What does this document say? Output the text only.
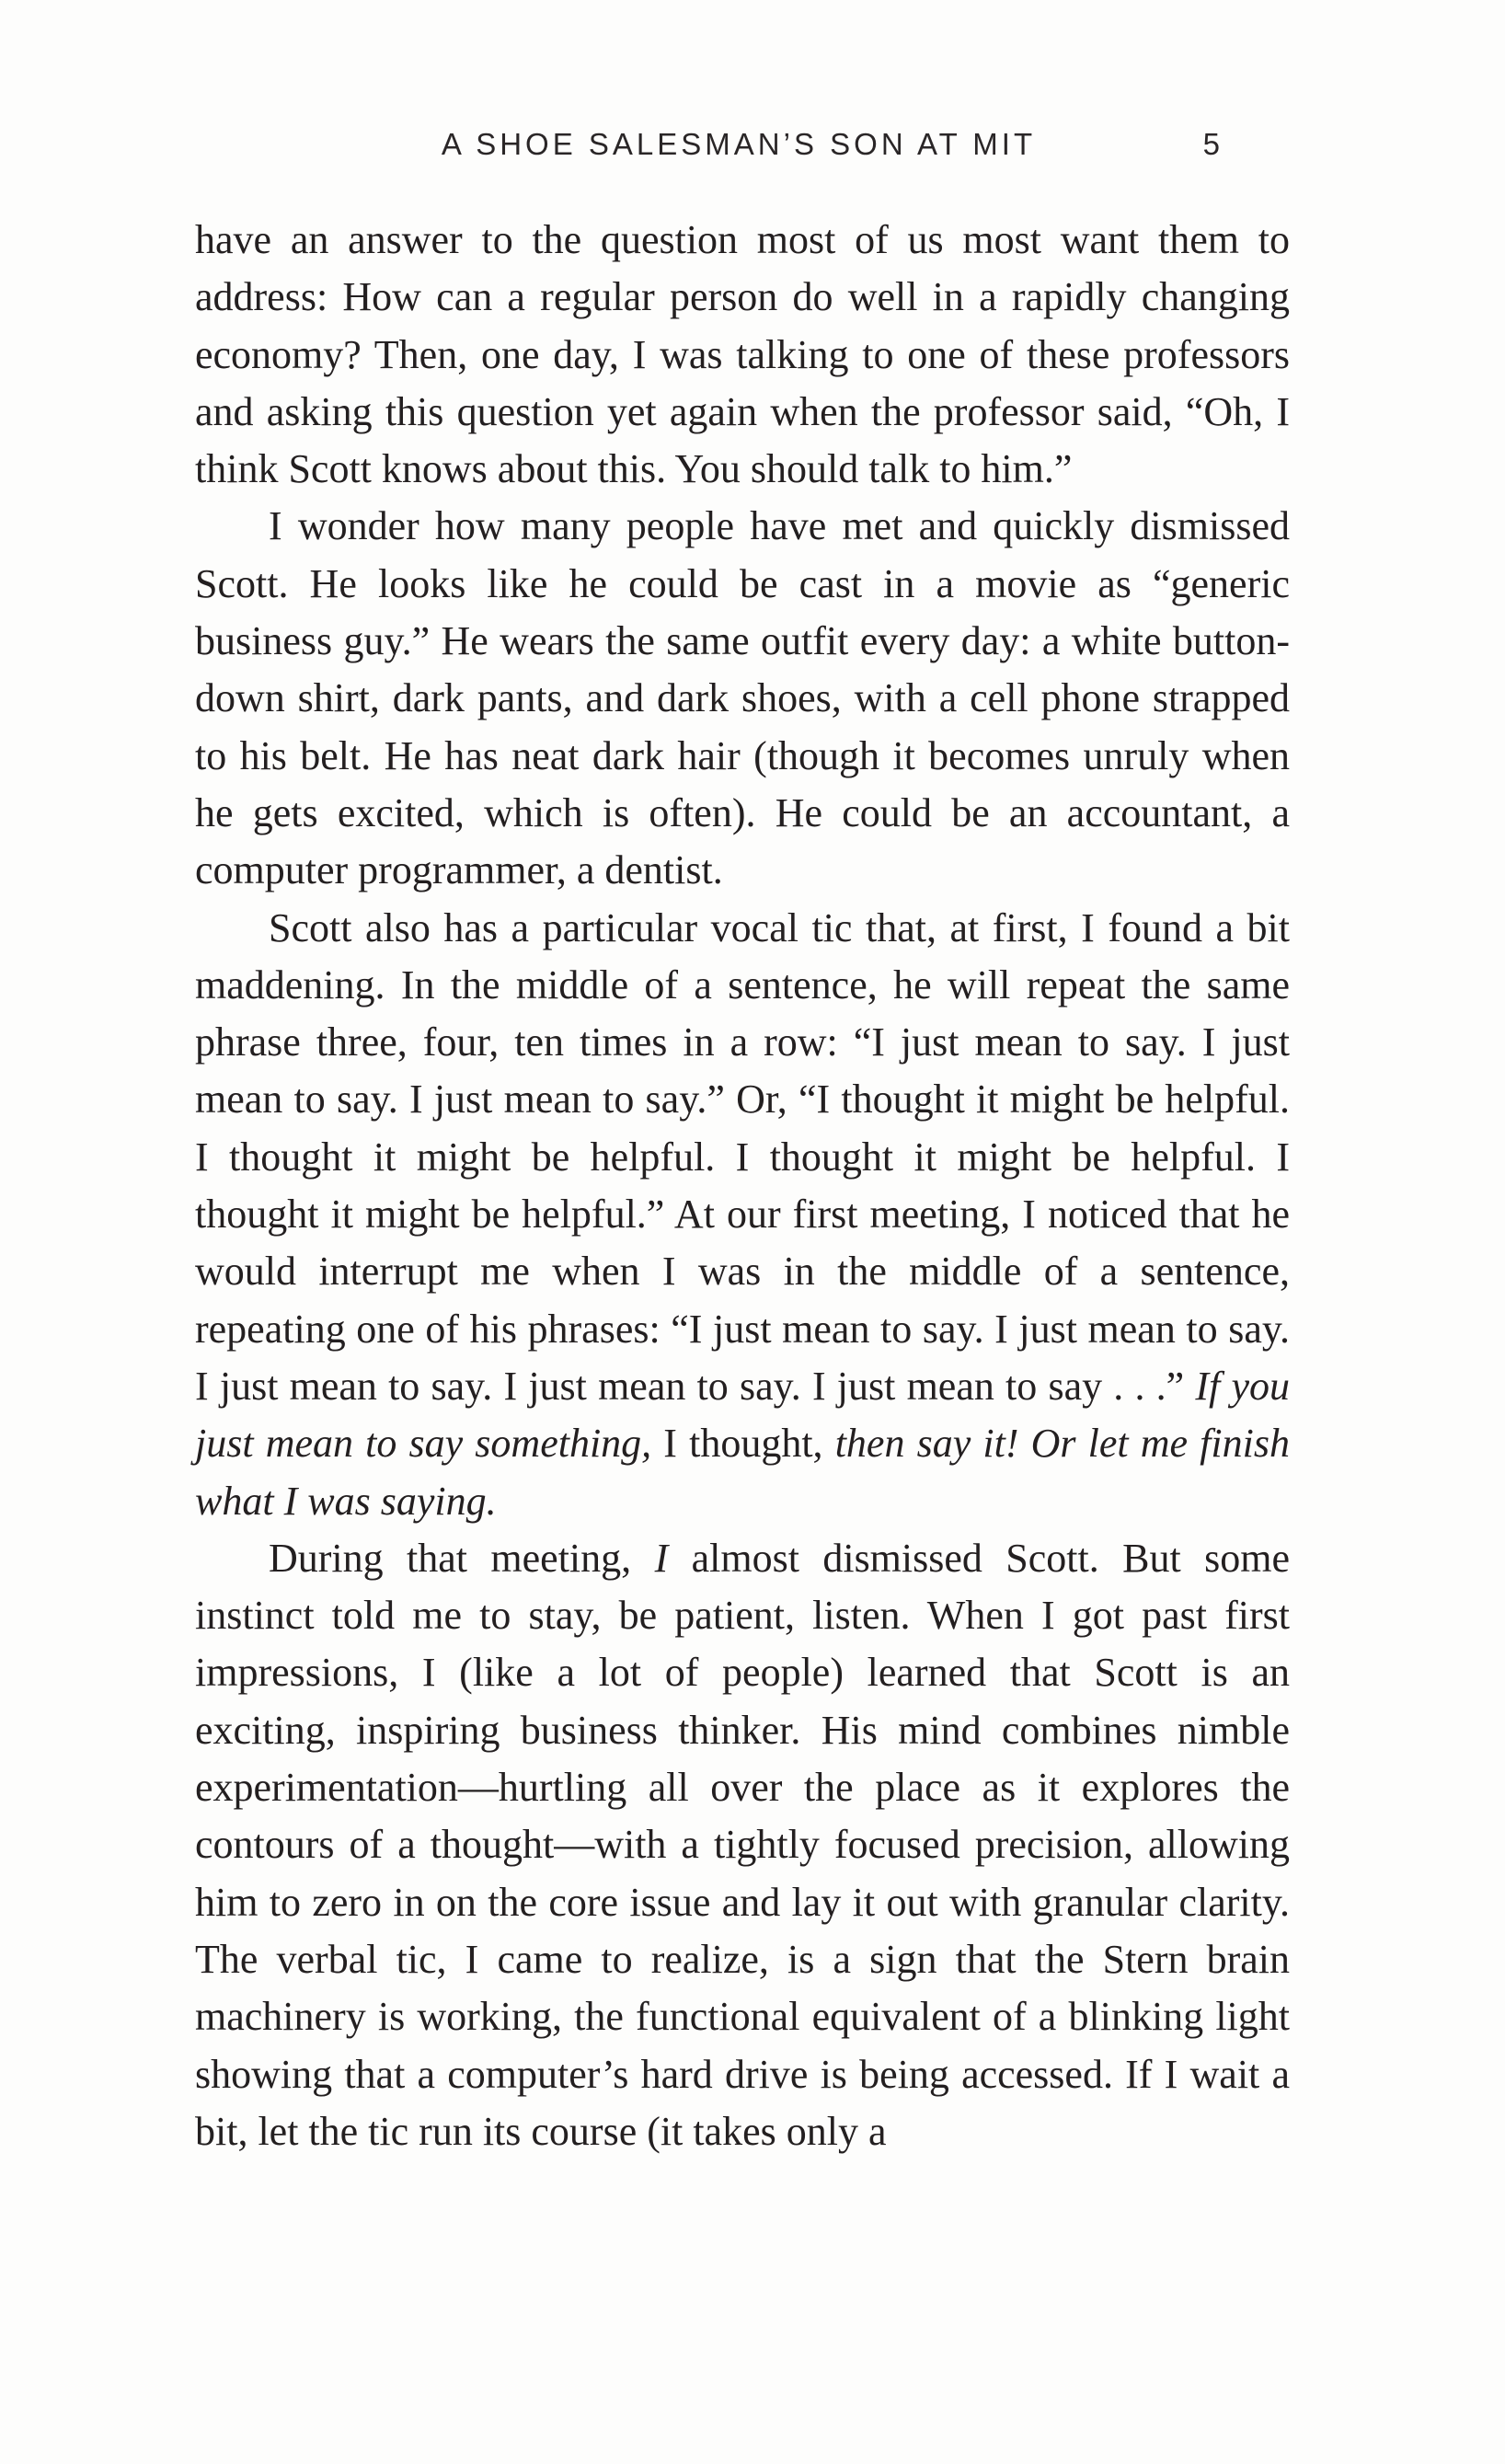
A SHOE SALESMAN’S SON AT MIT	5

have an answer to the question most of us most want them to address: How can a regular person do well in a rapidly changing economy? Then, one day, I was talking to one of these professors and asking this question yet again when the professor said, “Oh, I think Scott knows about this. You should talk to him.”

I wonder how many people have met and quickly dismissed Scott. He looks like he could be cast in a movie as “generic business guy.” He wears the same outfit every day: a white button-down shirt, dark pants, and dark shoes, with a cell phone strapped to his belt. He has neat dark hair (though it becomes unruly when he gets excited, which is often). He could be an accountant, a computer programmer, a dentist.

Scott also has a particular vocal tic that, at first, I found a bit maddening. In the middle of a sentence, he will repeat the same phrase three, four, ten times in a row: “I just mean to say. I just mean to say. I just mean to say.” Or, “I thought it might be helpful. I thought it might be helpful. I thought it might be helpful. I thought it might be helpful.” At our first meeting, I noticed that he would interrupt me when I was in the middle of a sentence, repeating one of his phrases: “I just mean to say. I just mean to say. I just mean to say. I just mean to say. I just mean to say . . .” If you just mean to say something, I thought, then say it! Or let me finish what I was saying.

During that meeting, I almost dismissed Scott. But some instinct told me to stay, be patient, listen. When I got past first impressions, I (like a lot of people) learned that Scott is an exciting, inspiring business thinker. His mind combines nimble experimentation—hurtling all over the place as it explores the contours of a thought—with a tightly focused precision, allowing him to zero in on the core issue and lay it out with granular clarity. The verbal tic, I came to realize, is a sign that the Stern brain machinery is working, the functional equivalent of a blinking light showing that a computer’s hard drive is being accessed. If I wait a bit, let the tic run its course (it takes only a
